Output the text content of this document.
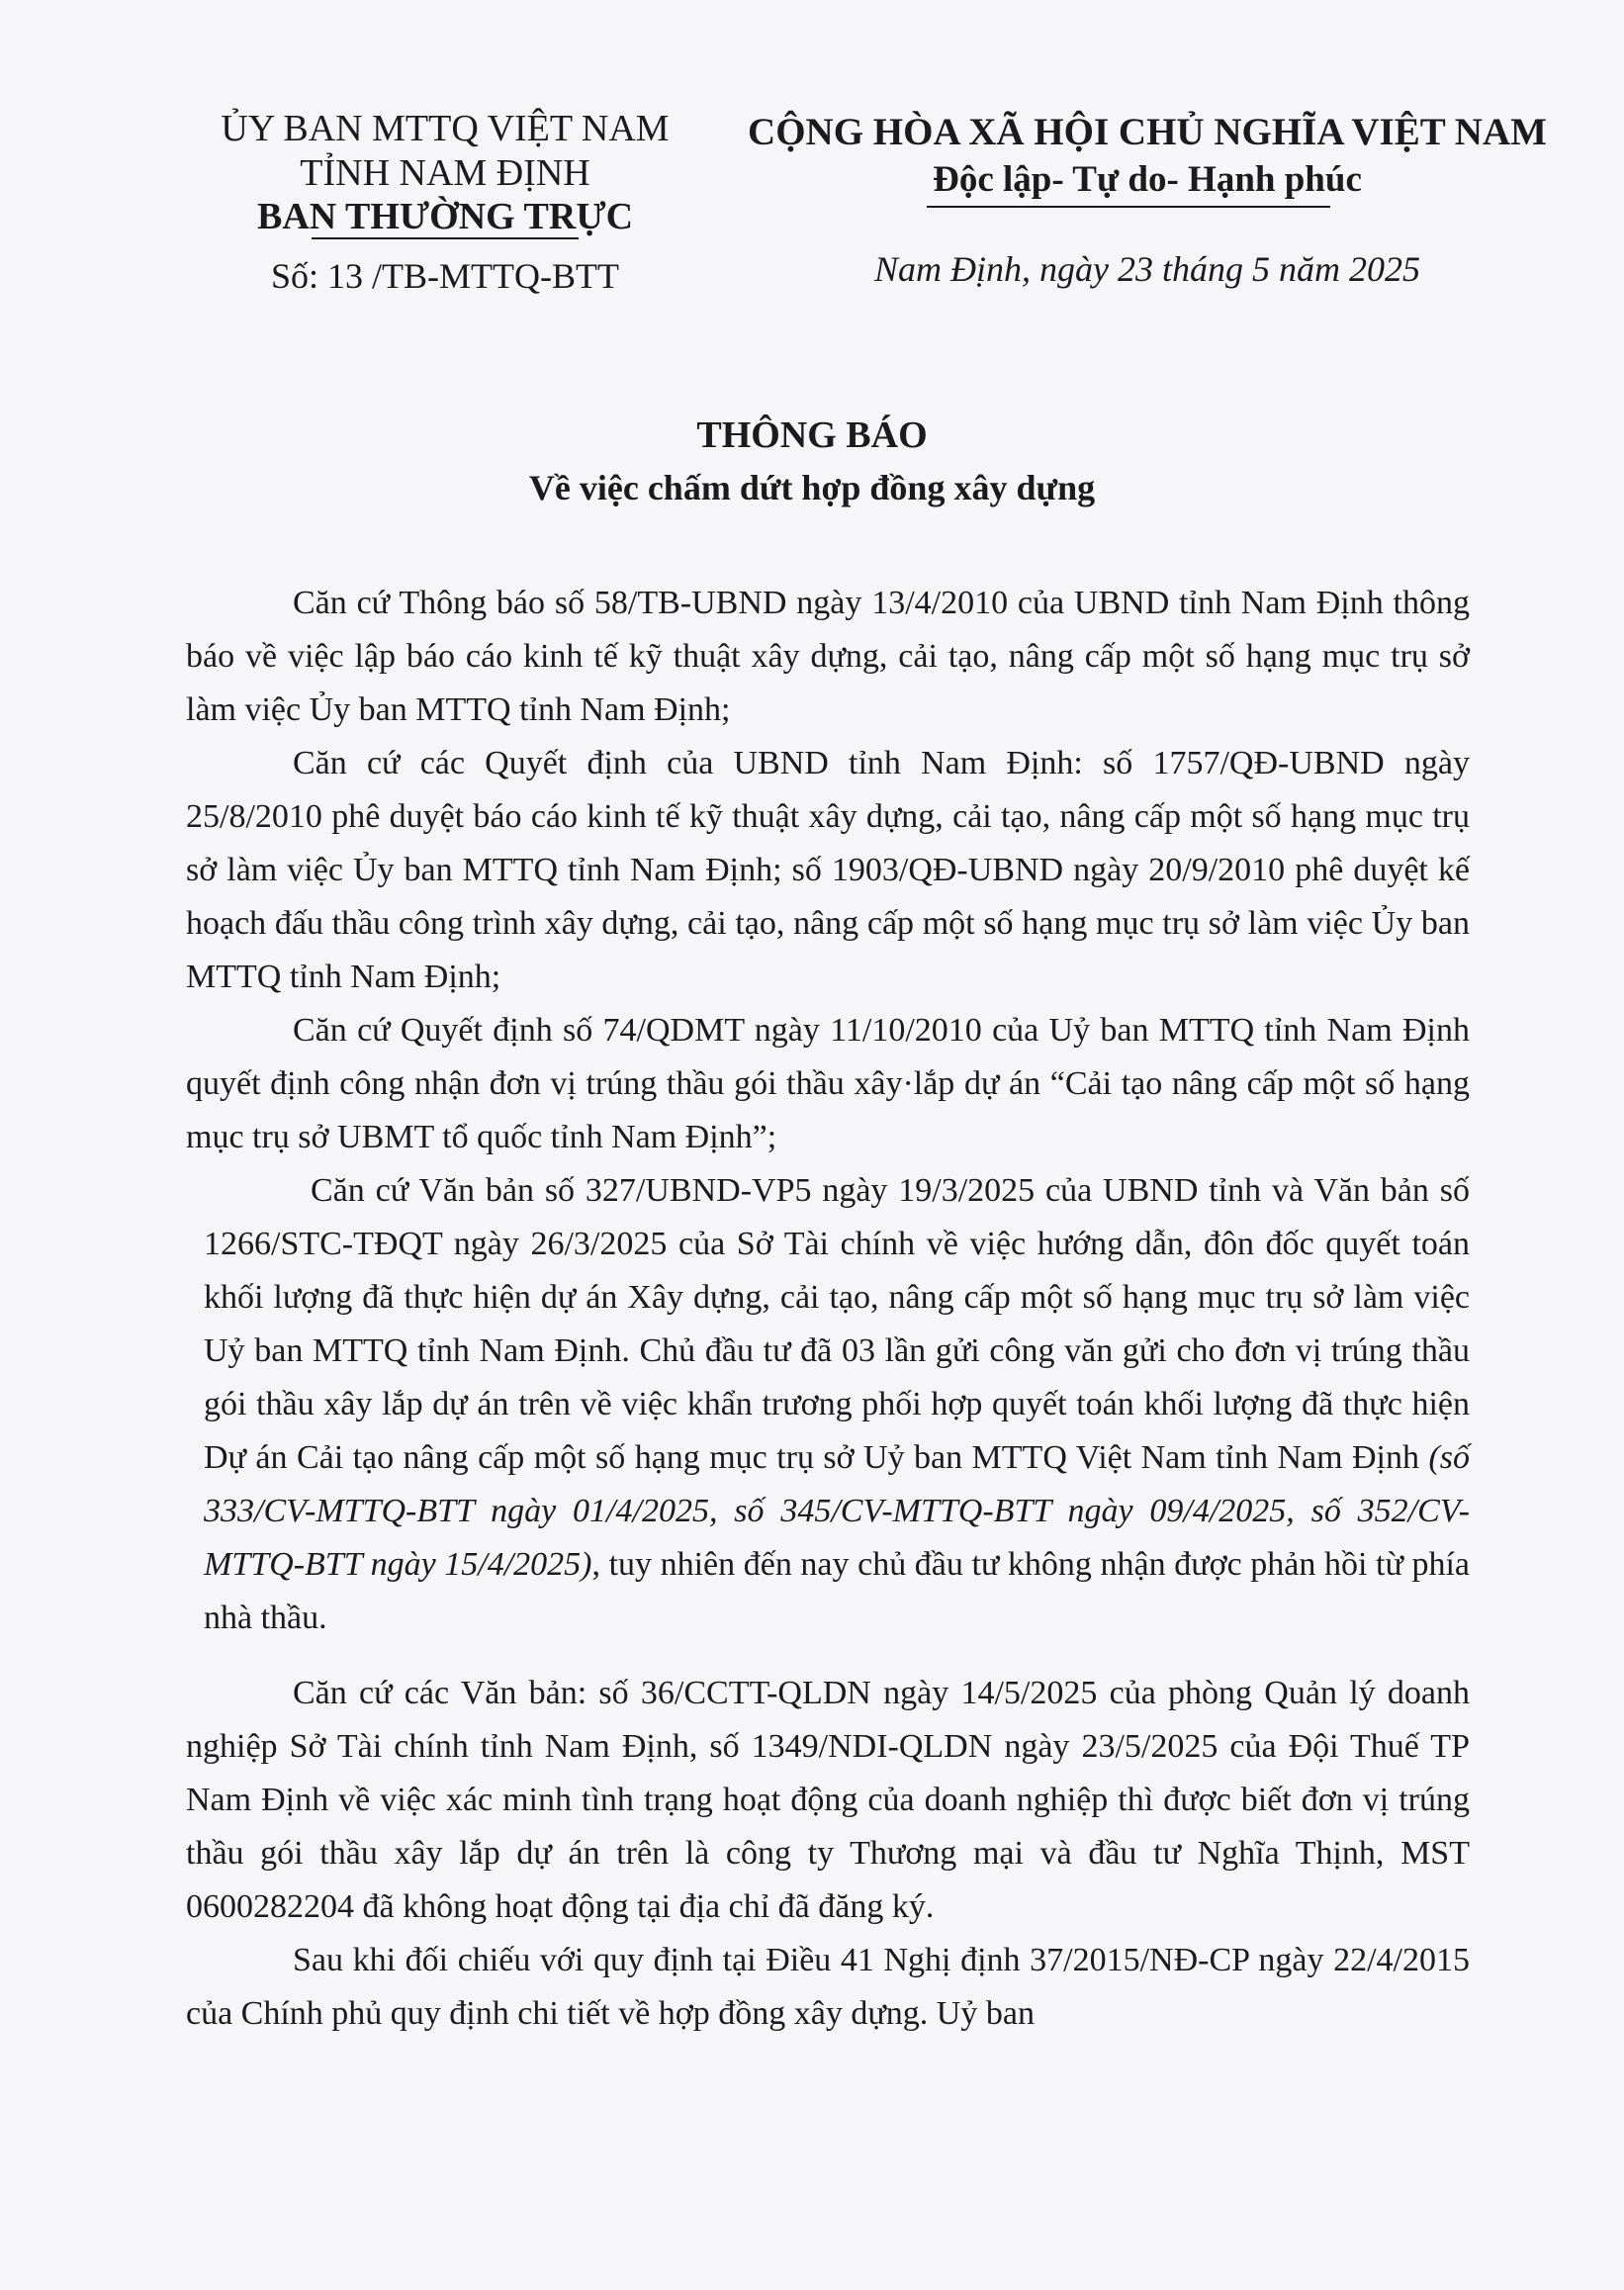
ỦY BAN MTTQ VIỆT NAM
TỈNH NAM ĐỊNH
BAN THƯỜNG TRỰC
Số: 13 /TB-MTTQ-BTT
CỘNG HÒA XÃ HỘI CHỦ NGHĨA VIỆT NAM
Độc lập- Tự do- Hạnh phúc
Nam Định, ngày 23 tháng 5 năm 2025
THÔNG BÁO
Về việc chấm dứt hợp đồng xây dựng

Căn cứ Thông báo số 58/TB-UBND ngày 13/4/2010 của UBND tỉnh Nam Định thông báo về việc lập báo cáo kinh tế kỹ thuật xây dựng, cải tạo, nâng cấp một số hạng mục trụ sở làm việc Ủy ban MTTQ tỉnh Nam Định;

Căn cứ các Quyết định của UBND tỉnh Nam Định: số 1757/QĐ-UBND ngày 25/8/2010 phê duyệt báo cáo kinh tế kỹ thuật xây dựng, cải tạo, nâng cấp một số hạng mục trụ sở làm việc Ủy ban MTTQ tỉnh Nam Định; số 1903/QĐ-UBND ngày 20/9/2010 phê duyệt kế hoạch đấu thầu công trình xây dựng, cải tạo, nâng cấp một số hạng mục trụ sở làm việc Ủy ban MTTQ tỉnh Nam Định;

Căn cứ Quyết định số 74/QDMT ngày 11/10/2010 của Uỷ ban MTTQ tỉnh Nam Định quyết định công nhận đơn vị trúng thầu gói thầu xây·lắp dự án “Cải tạo nâng cấp một số hạng mục trụ sở UBMT tổ quốc tỉnh Nam Định”;

Căn cứ Văn bản số 327/UBND-VP5 ngày 19/3/2025 của UBND tỉnh và Văn bản số 1266/STC-TĐQT ngày 26/3/2025 của Sở Tài chính về việc hướng dẫn, đôn đốc quyết toán khối lượng đã thực hiện dự án Xây dựng, cải tạo, nâng cấp một số hạng mục trụ sở làm việc Uỷ ban MTTQ tỉnh Nam Định. Chủ đầu tư đã 03 lần gửi công văn gửi cho đơn vị trúng thầu gói thầu xây lắp dự án trên về việc khẩn trương phối hợp quyết toán khối lượng đã thực hiện Dự án Cải tạo nâng cấp một số hạng mục trụ sở Uỷ ban MTTQ Việt Nam tỉnh Nam Định (số 333/CV-MTTQ-BTT ngày 01/4/2025, số 345/CV-MTTQ-BTT ngày 09/4/2025, số 352/CV-MTTQ-BTT ngày 15/4/2025), tuy nhiên đến nay chủ đầu tư không nhận được phản hồi từ phía nhà thầu.

Căn cứ các Văn bản: số 36/CCTT-QLDN ngày 14/5/2025 của phòng Quản lý doanh nghiệp Sở Tài chính tỉnh Nam Định, số 1349/NDI-QLDN ngày 23/5/2025 của Đội Thuế TP Nam Định về việc xác minh tình trạng hoạt động của doanh nghiệp thì được biết đơn vị trúng thầu gói thầu xây lắp dự án trên là công ty Thương mại và đầu tư Nghĩa Thịnh, MST 0600282204 đã không hoạt động tại địa chỉ đã đăng ký.

Sau khi đối chiếu với quy định tại Điều 41 Nghị định 37/2015/NĐ-CP ngày 22/4/2015 của Chính phủ quy định chi tiết về hợp đồng xây dựng. Uỷ ban
